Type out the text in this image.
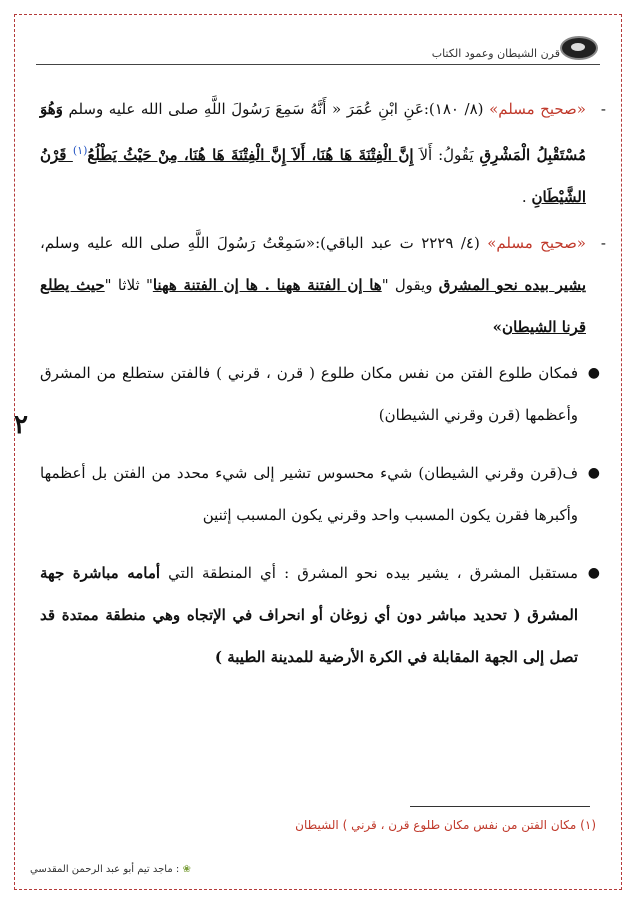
قرن الشيطان وعمود الكتاب
٢

- «صحيح مسلم» (٨/ ١٨٠):عَنِ ابْنِ عُمَرَ « أَنَّهُ سَمِعَ رَسُولَ اللَّهِ صلى الله عليه وسلم وَهُوَ مُسْتَقْبِلُ الْمَشْرِقِ يَقُولُ: أَلاَ إِنَّ الْفِتْنَةَ هَا هُنَا، أَلاَ إِنَّ الْفِتْنَةَ هَا هُنَا، مِنْ حَيْثُ يَطْلُعُ$^{(١)}$ قَرْنُ الشَّيْطَانِ .

- «صحيح مسلم» (٤/ ٢٢٢٩ ت عبد الباقي):«سَمِعْتُ رَسُولَ اللَّهِ صلى الله عليه وسلم، يشير بيده نحو المشرق ويقول "ها إن الفتنة ههنا . ها إن الفتنة ههنا" ثلاثا "حيث يطلع قرنا الشيطان»

● فمكان طلوع الفتن من نفس مكان طلوع ( قرن ، قرني ) فالفتن ستطلع من المشرق وأعظمها (قرن وقرني الشيطان)
● ف(قرن وقرني الشيطان) شيء محسوس تشير إلى شيء محدد من الفتن بل أعظمها وأكبرها فقرن يكون المسبب واحد وقرني يكون المسبب إثنين
● مستقبل المشرق ، يشير بيده نحو المشرق : أي المنطقة التي أمامه مباشرة جهة المشرق ( تحديد مباشر دون أي زوغان أو انحراف في الإتجاه وهي منطقة ممتدة قد تصل إلى الجهة المقابلة في الكرة الأرضية للمدينة الطيبة )
(١) مكان الفتن من نفس مكان طلوع قرن ، قرني ) الشيطان
❀ : ماجد تيم أبو عبد الرحمن المقدسي
